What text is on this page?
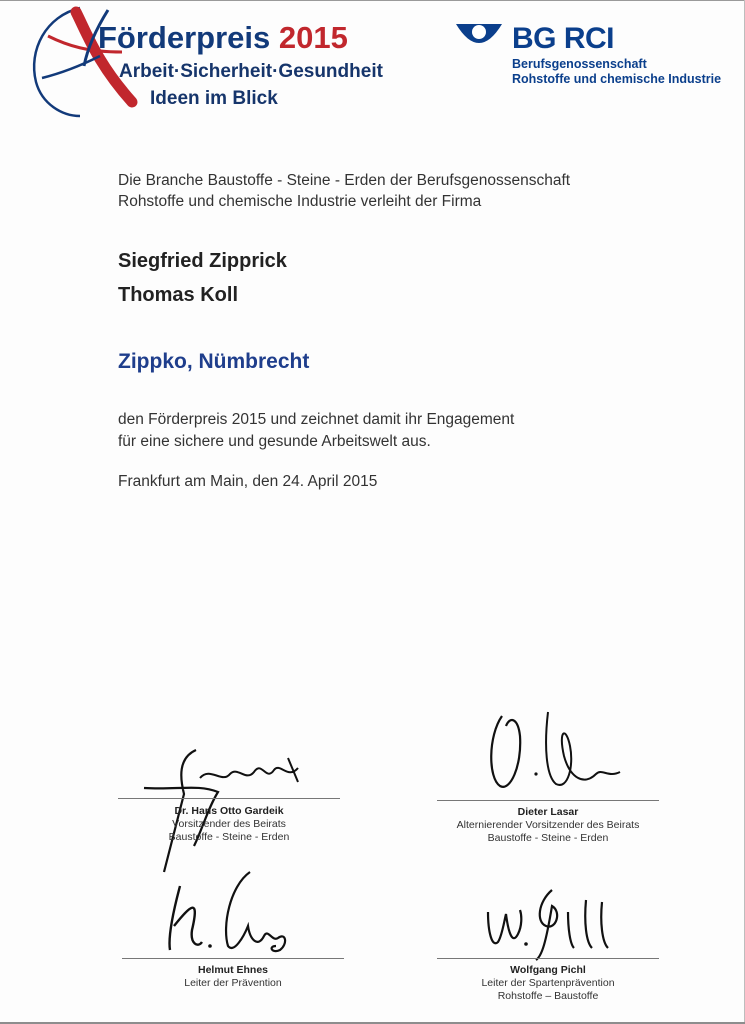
Förderpreis 2015
Arbeit·Sicherheit·Gesundheit
Ideen im Blick
BG RCI
Berufsgenossenschaft
Rohstoffe und chemische Industrie
Die Branche Baustoffe - Steine - Erden der Berufsgenossenschaft
Rohstoffe und chemische Industrie verleiht der Firma
Siegfried Zipprick
Thomas Koll
Zippko, Nümbrecht
den Förderpreis 2015 und zeichnet damit ihr Engagement
für eine sichere und gesunde Arbeitswelt aus.
Frankfurt am Main, den 24. April 2015
Dr. Hans Otto Gardeik
Vorsitzender des Beirats
Baustoffe - Steine - Erden
Dieter Lasar
Alternierender Vorsitzender des Beirats
Baustoffe - Steine - Erden
Helmut Ehnes
Leiter der Prävention
Wolfgang Pichl
Leiter der Spartenprävention
Rohstoffe – Baustoffe
